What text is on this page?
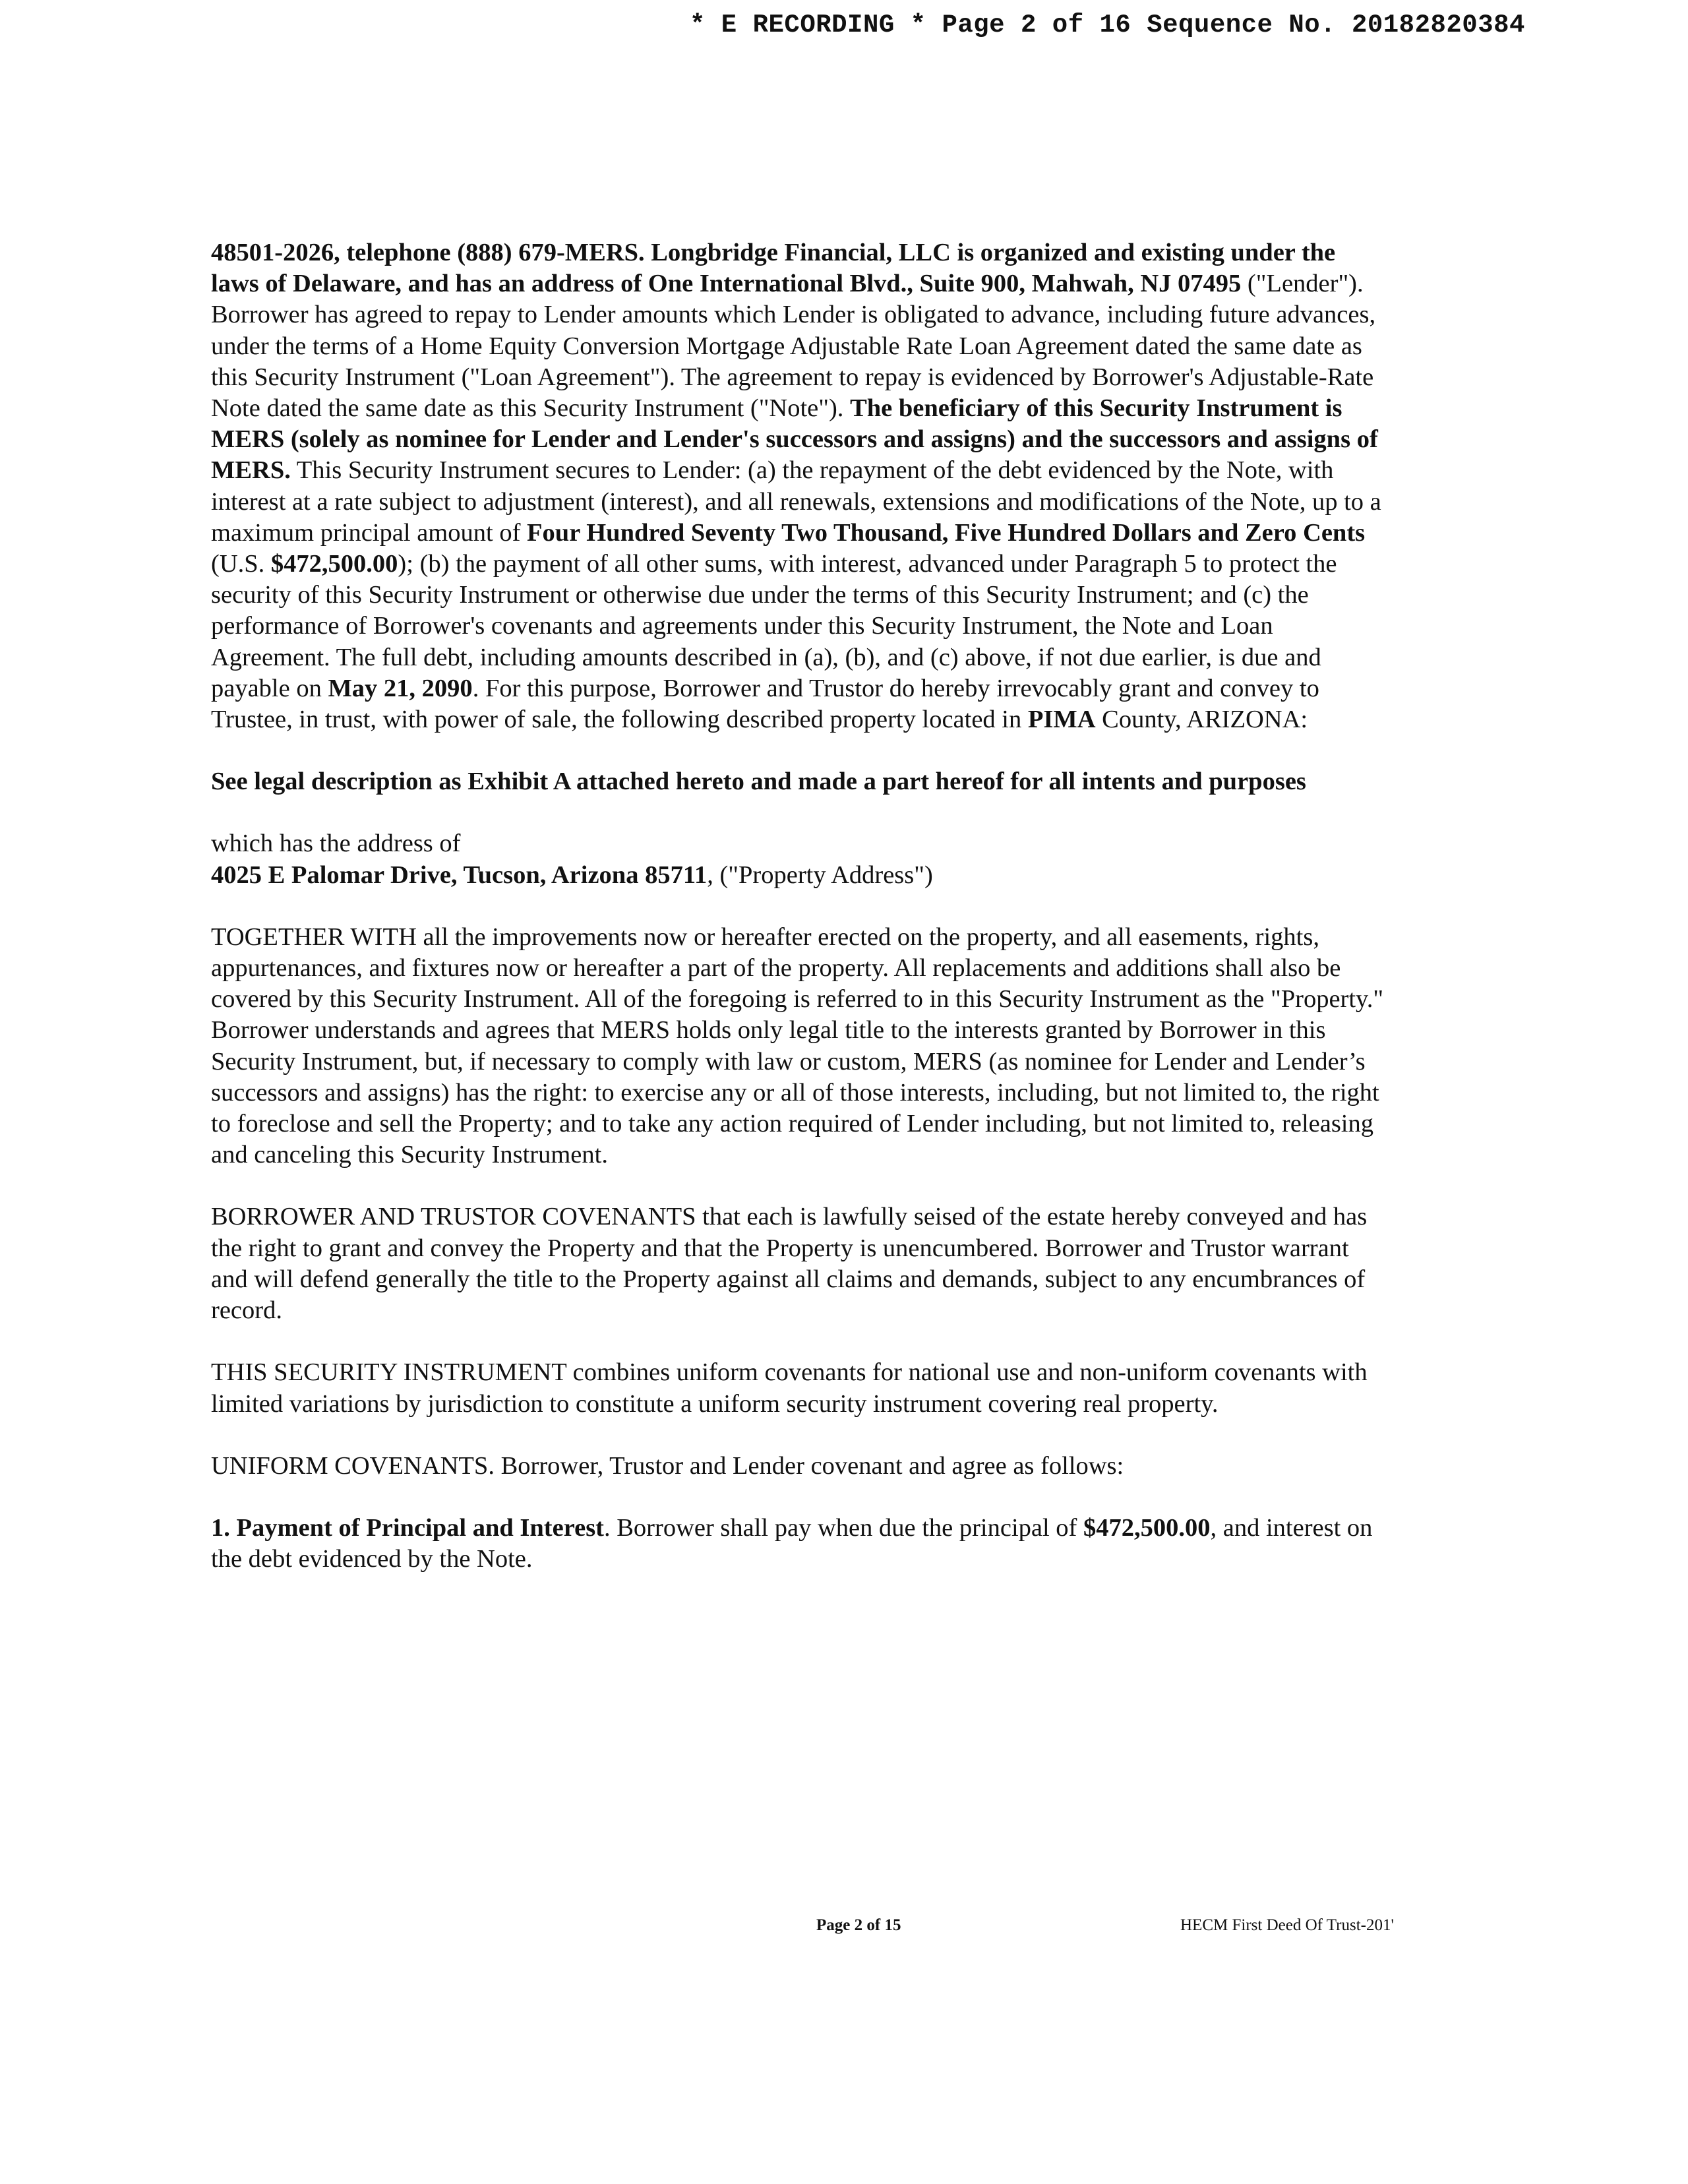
* E RECORDING * Page 2 of 16 Sequence No. 20182820384

48501-2026, telephone (888) 679-MERS. Longbridge Financial, LLC is organized and existing under the laws of Delaware, and has an address of One International Blvd., Suite 900, Mahwah, NJ 07495 ("Lender"). Borrower has agreed to repay to Lender amounts which Lender is obligated to advance, including future advances, under the terms of a Home Equity Conversion Mortgage Adjustable Rate Loan Agreement dated the same date as this Security Instrument ("Loan Agreement"). The agreement to repay is evidenced by Borrower's Adjustable-Rate Note dated the same date as this Security Instrument ("Note"). The beneficiary of this Security Instrument is MERS (solely as nominee for Lender and Lender's successors and assigns) and the successors and assigns of MERS. This Security Instrument secures to Lender: (a) the repayment of the debt evidenced by the Note, with interest at a rate subject to adjustment (interest), and all renewals, extensions and modifications of the Note, up to a maximum principal amount of Four Hundred Seventy Two Thousand, Five Hundred Dollars and Zero Cents (U.S. $472,500.00); (b) the payment of all other sums, with interest, advanced under Paragraph 5 to protect the security of this Security Instrument or otherwise due under the terms of this Security Instrument; and (c) the performance of Borrower's covenants and agreements under this Security Instrument, the Note and Loan Agreement. The full debt, including amounts described in (a), (b), and (c) above, if not due earlier, is due and payable on May 21, 2090. For this purpose, Borrower and Trustor do hereby irrevocably grant and convey to Trustee, in trust, with power of sale, the following described property located in PIMA County, ARIZONA:

See legal description as Exhibit A attached hereto and made a part hereof for all intents and purposes

which has the address of
4025 E Palomar Drive, Tucson, Arizona 85711, ("Property Address")

TOGETHER WITH all the improvements now or hereafter erected on the property, and all easements, rights, appurtenances, and fixtures now or hereafter a part of the property. All replacements and additions shall also be covered by this Security Instrument. All of the foregoing is referred to in this Security Instrument as the "Property." Borrower understands and agrees that MERS holds only legal title to the interests granted by Borrower in this Security Instrument, but, if necessary to comply with law or custom, MERS (as nominee for Lender and Lender’s successors and assigns) has the right: to exercise any or all of those interests, including, but not limited to, the right to foreclose and sell the Property; and to take any action required of Lender including, but not limited to, releasing and canceling this Security Instrument.

BORROWER AND TRUSTOR COVENANTS that each is lawfully seised of the estate hereby conveyed and has the right to grant and convey the Property and that the Property is unencumbered. Borrower and Trustor warrant and will defend generally the title to the Property against all claims and demands, subject to any encumbrances of record.

THIS SECURITY INSTRUMENT combines uniform covenants for national use and non-uniform covenants with limited variations by jurisdiction to constitute a uniform security instrument covering real property.

UNIFORM COVENANTS. Borrower, Trustor and Lender covenant and agree as follows:

1. Payment of Principal and Interest. Borrower shall pay when due the principal of $472,500.00, and interest on the debt evidenced by the Note.

Page 2 of 15	HECM First Deed Of Trust-201'
